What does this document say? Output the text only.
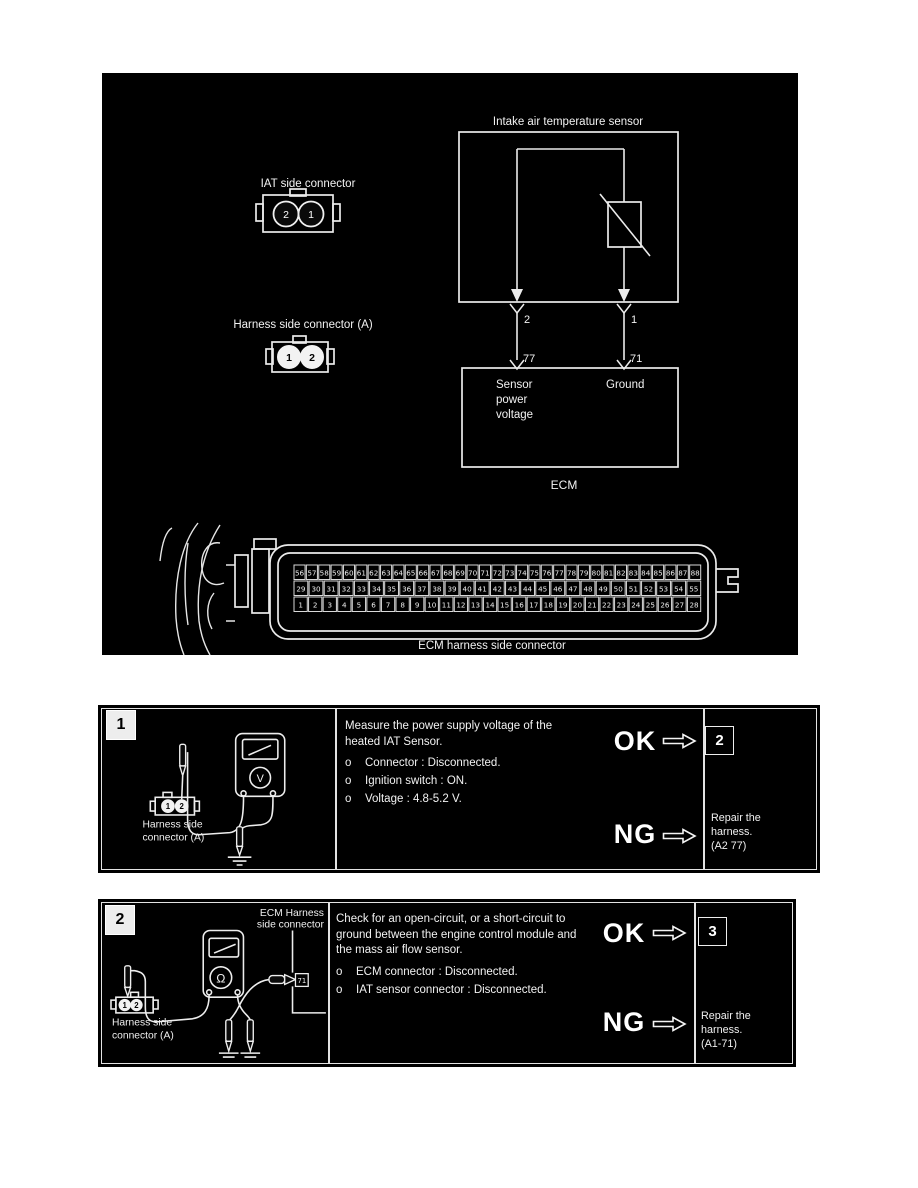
Intake air temperature sensor
2	1
77	71
Sensor
power
voltage
Ground
ECM
IAT side connector
2 1
Harness side connector (A)
1 2
56 57 58 59 60 61 62 63 64 65 66 67 68 69 70 71 72 73 74 75 76 77 78 79 80 81 82 83 84 85 86 87 88
29 30 31 32 33 34 35 36 37 38 39 40 41 42 43 44 45 46 47 48 49 50 51 52 53 54 55
1 2 3 4 5 6 7 8 9 10 11 12 13 14 15 16 17 18 19 20 21 22 23 24 25 26 27 28
ECM harness side connector
1
V
1 2
Harness side
connector (A)

Measure the power supply voltage of the heated IAT Sensor.

o	Connector : Disconnected.
o	Ignition switch : ON.
o	Voltage : 4.8-5.2 V.
OK	2
NG
Repair the
harness.
(A2 77)
2	ECM Harness
side connector
Ω	71
1 2
Harness side
connector (A)

Check for an open-circuit, or a short-circuit to ground between the engine control module and the mass air flow sensor.

o	ECM connector : Disconnected.
o	IAT sensor connector : Disconnected.
OK	3
NG	Repair the
harness.
(A1-71)
